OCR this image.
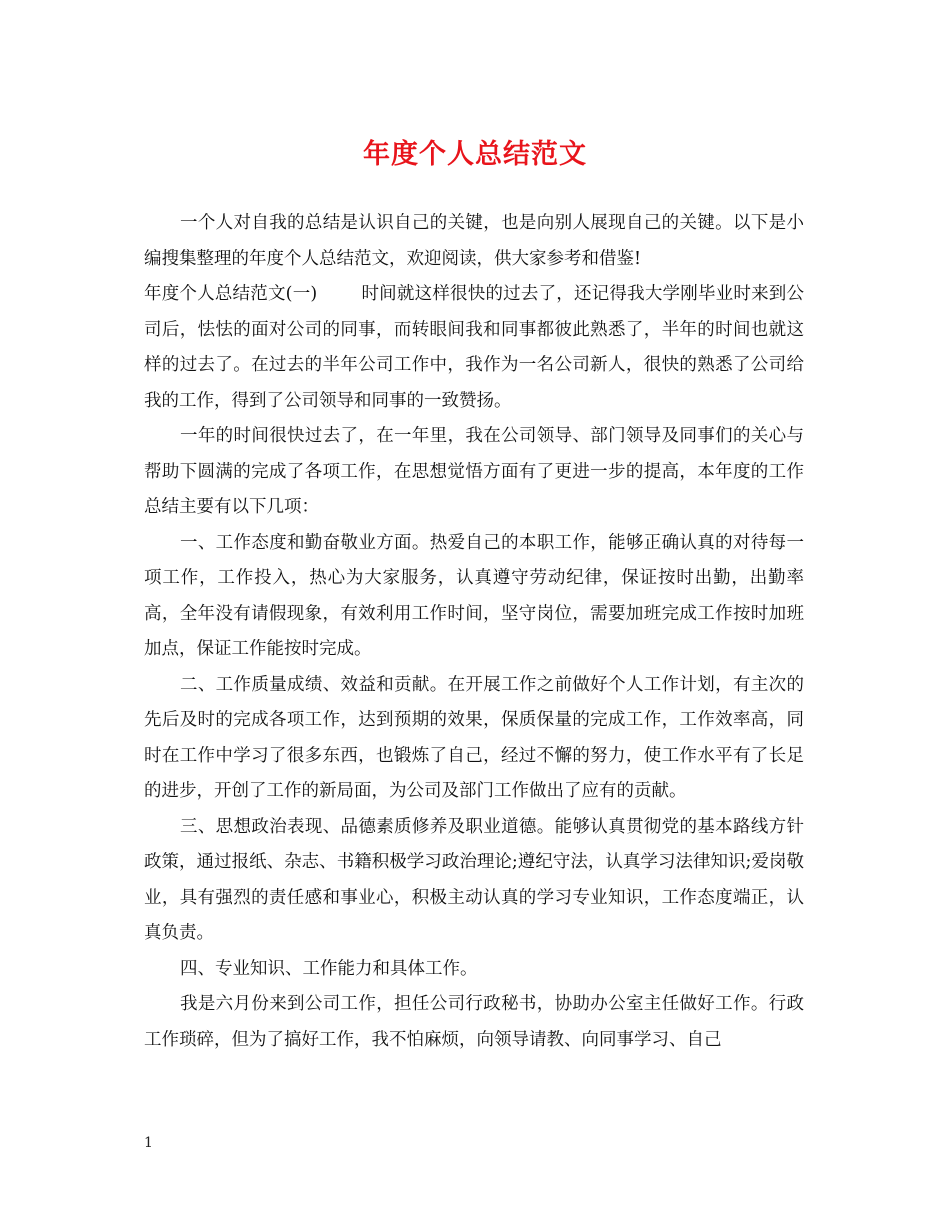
年度个人总结范文

一个人对自我的总结是认识自己的关键，也是向别人展现自己的关键。以下是小编搜集整理的年度个人总结范文，欢迎阅读，供大家参考和借鉴!

年度个人总结范文(一)	时间就这样很快的过去了，还记得我大学刚毕业时来到公司后，怯怯的面对公司的同事，而转眼间我和同事都彼此熟悉了，半年的时间也就这样的过去了。在过去的半年公司工作中，我作为一名公司新人，很快的熟悉了公司给我的工作，得到了公司领导和同事的一致赞扬。

一年的时间很快过去了，在一年里，我在公司领导、部门领导及同事们的关心与帮助下圆满的完成了各项工作，在思想觉悟方面有了更进一步的提高，本年度的工作总结主要有以下几项：

一、工作态度和勤奋敬业方面。热爱自己的本职工作，能够正确认真的对待每一项工作，工作投入，热心为大家服务，认真遵守劳动纪律，保证按时出勤，出勤率高，全年没有请假现象，有效利用工作时间，坚守岗位，需要加班完成工作按时加班加点，保证工作能按时完成。

二、工作质量成绩、效益和贡献。在开展工作之前做好个人工作计划，有主次的先后及时的完成各项工作，达到预期的效果，保质保量的完成工作，工作效率高，同时在工作中学习了很多东西，也锻炼了自己，经过不懈的努力，使工作水平有了长足的进步，开创了工作的新局面，为公司及部门工作做出了应有的贡献。

三、思想政治表现、品德素质修养及职业道德。能够认真贯彻党的基本路线方针政策，通过报纸、杂志、书籍积极学习政治理论;遵纪守法，认真学习法律知识;爱岗敬业，具有强烈的责任感和事业心，积极主动认真的学习专业知识，工作态度端正，认真负责。

四、专业知识、工作能力和具体工作。

我是六月份来到公司工作，担任公司行政秘书，协助办公室主任做好工作。行政工作琐碎，但为了搞好工作，我不怕麻烦，向领导请教、向同事学习、自己

1
